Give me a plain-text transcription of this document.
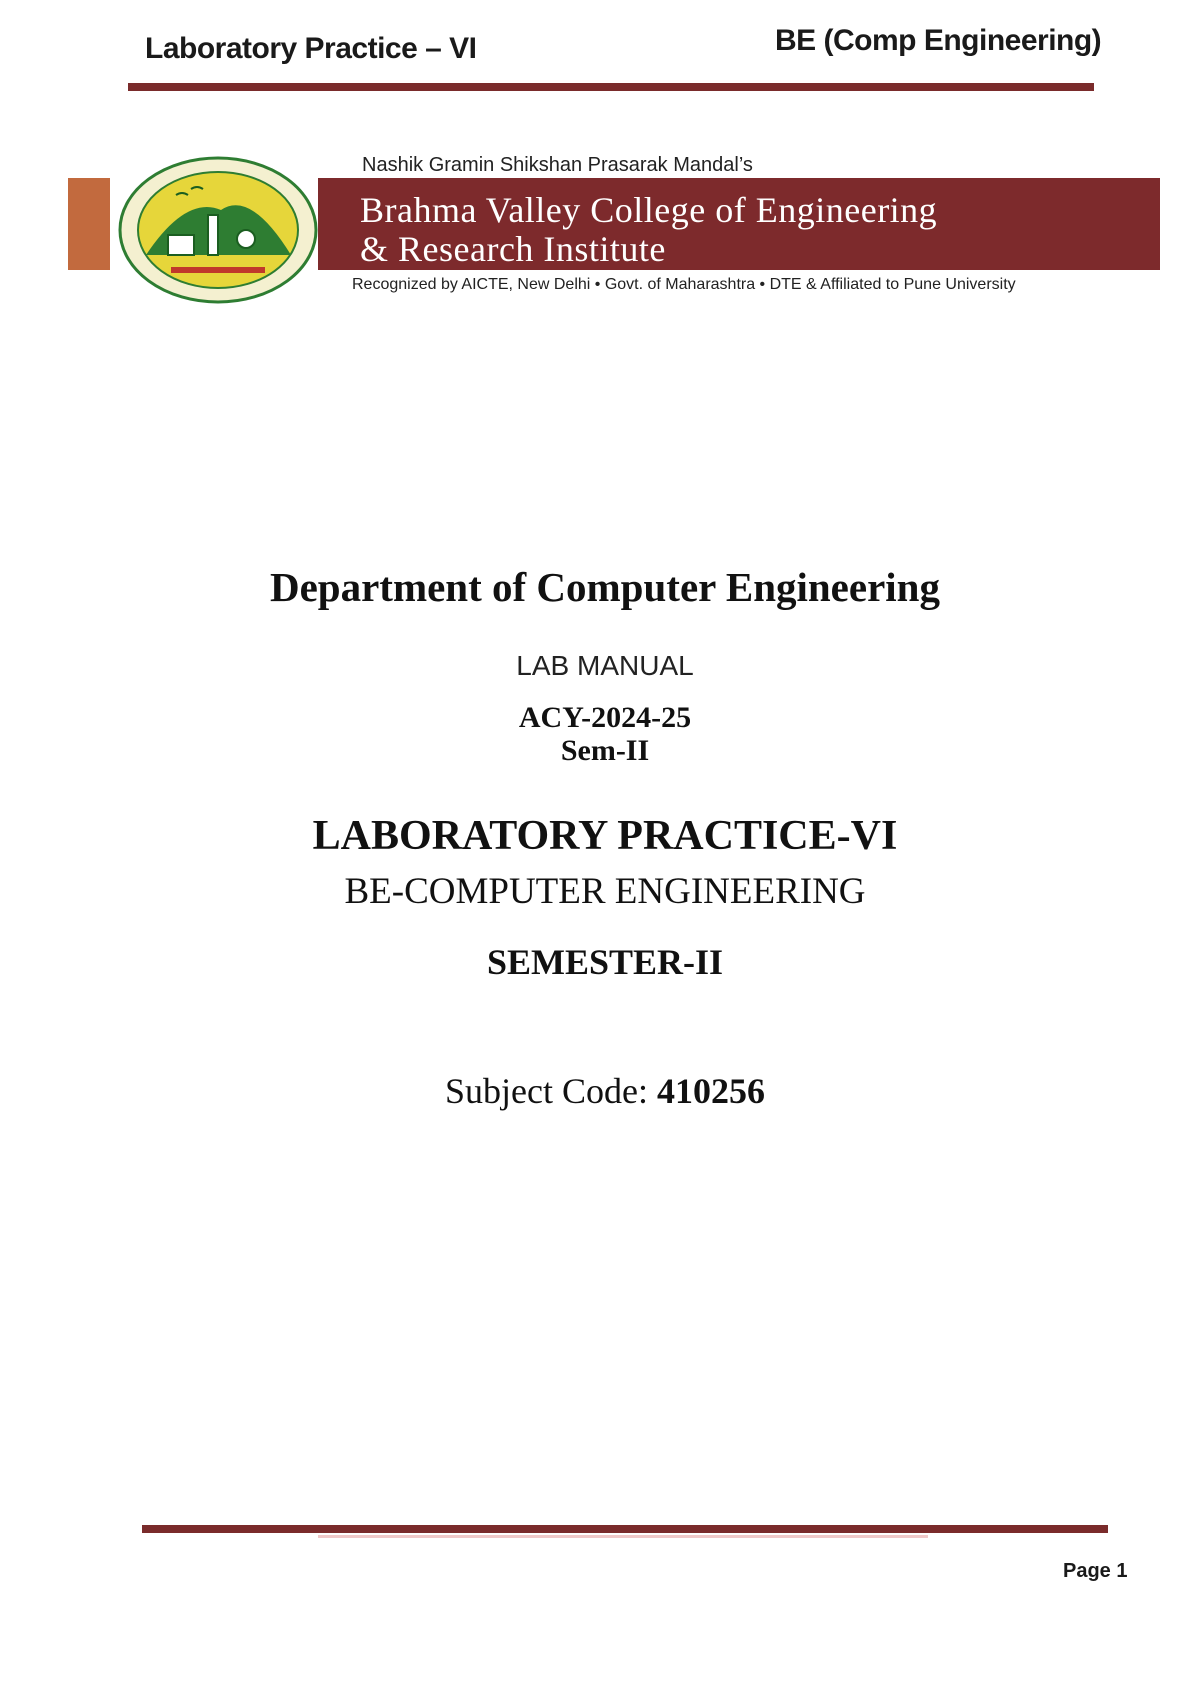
Laboratory Practice – VI	BE (Comp Engineering)
Nashik Gramin Shikshan Prasarak Mandal’s
Brahma Valley College of Engineering
& Research Institute
Recognized by AICTE, New Delhi • Govt. of Maharashtra • DTE & Affiliated to Pune University
Department of Computer Engineering
LAB MANUAL
ACY-2024-25
Sem-II
LABORATORY PRACTICE-VI
BE-COMPUTER ENGINEERING
SEMESTER-II
Subject Code: 410256
Page 1
